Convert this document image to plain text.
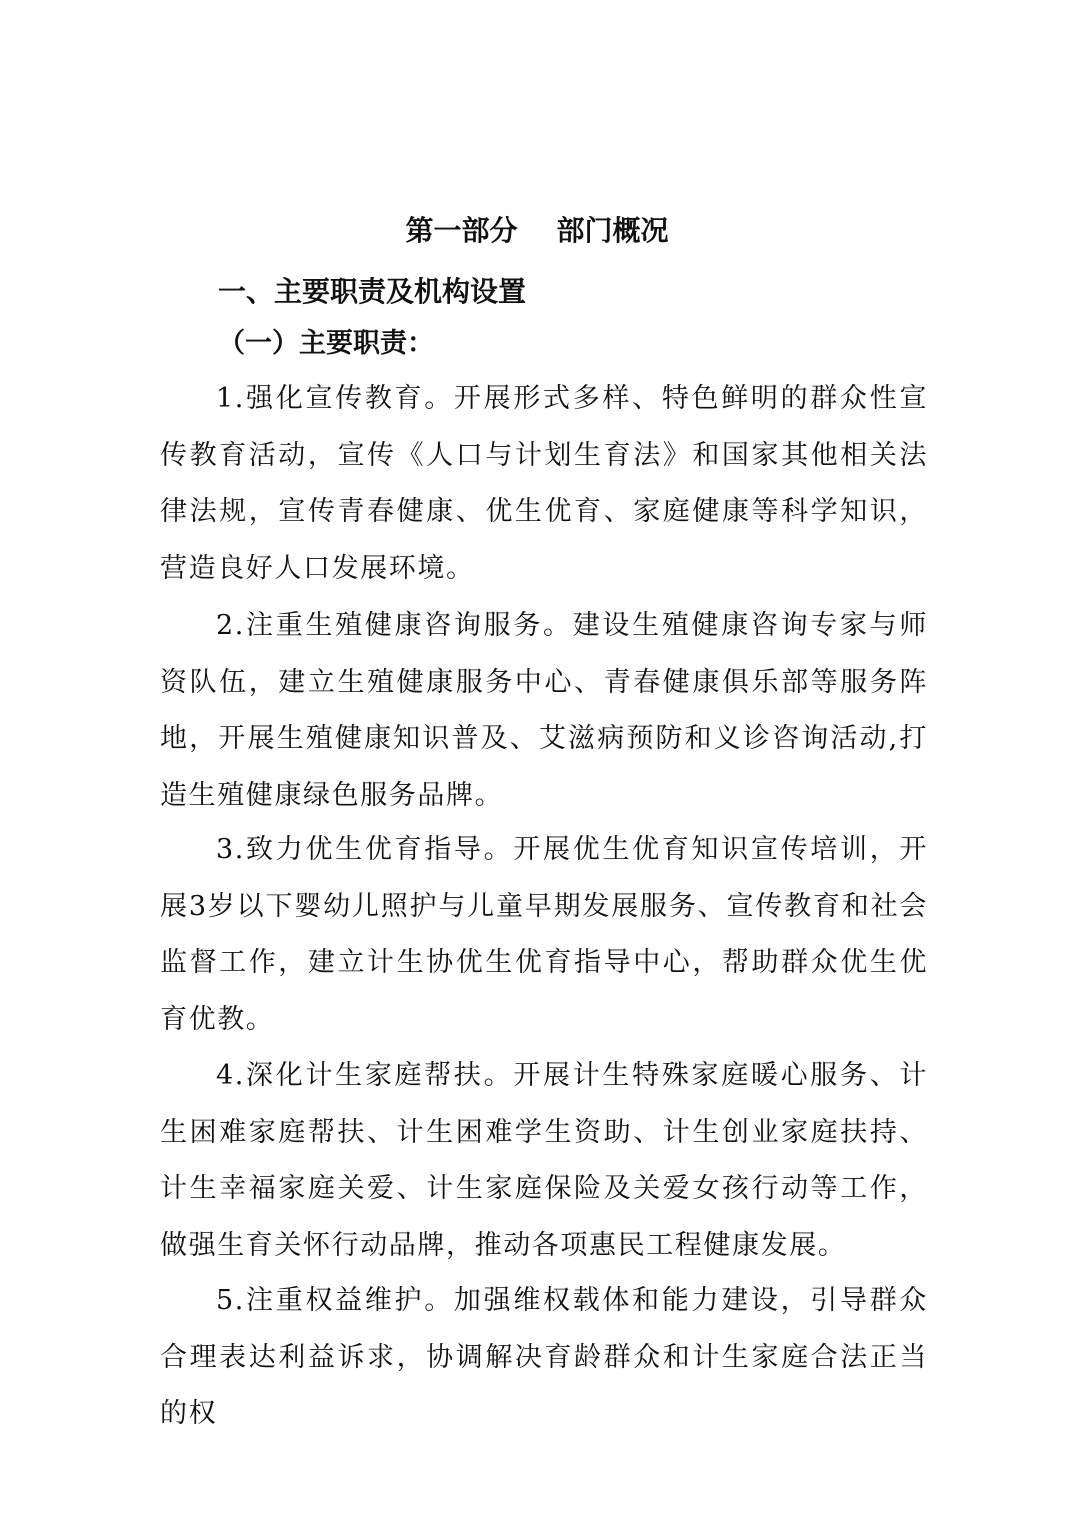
第一部分    部门概况
一、主要职责及机构设置
（一）主要职责：

1.强化宣传教育。开展形式多样、特色鲜明的群众性宣传教育活动，宣传《人口与计划生育法》和国家其他相关法律法规，宣传青春健康、优生优育、家庭健康等科学知识，营造良好人口发展环境。

2.注重生殖健康咨询服务。建设生殖健康咨询专家与师资队伍，建立生殖健康服务中心、青春健康俱乐部等服务阵地，开展生殖健康知识普及、艾滋病预防和义诊咨询活动,打造生殖健康绿色服务品牌。

3.致力优生优育指导。开展优生优育知识宣传培训，开展3岁以下婴幼儿照护与儿童早期发展服务、宣传教育和社会监督工作，建立计生协优生优育指导中心，帮助群众优生优育优教。

4.深化计生家庭帮扶。开展计生特殊家庭暖心服务、计生困难家庭帮扶、计生困难学生资助、计生创业家庭扶持、计生幸福家庭关爱、计生家庭保险及关爱女孩行动等工作，做强生育关怀行动品牌，推动各项惠民工程健康发展。

5.注重权益维护。加强维权载体和能力建设，引导群众合理表达利益诉求，协调解决育龄群众和计生家庭合法正当的权
